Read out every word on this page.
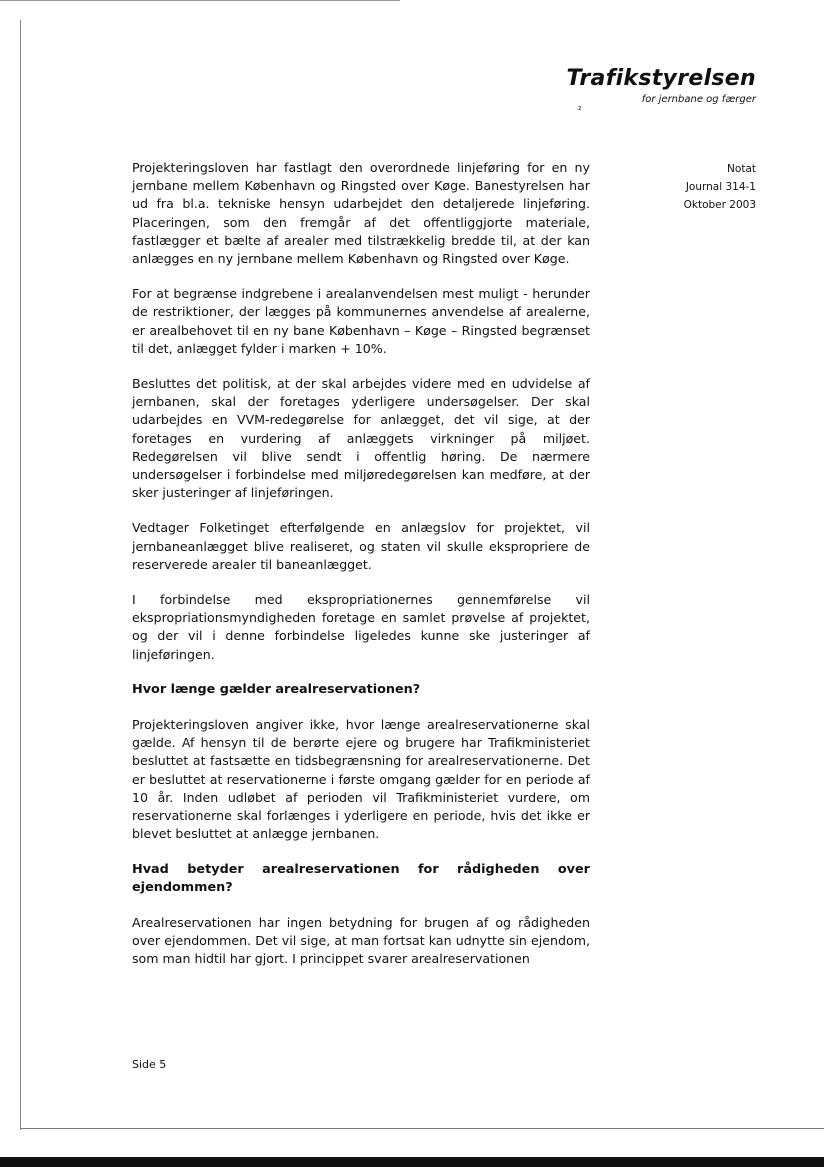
Trafikstyrelsen
for jernbane og færger
²
Notat
Journal 314-1
Oktober 2003

Projekteringsloven har fastlagt den overordnede linjeføring for en ny jernbane mellem København og Ringsted over Køge. Banestyrelsen har ud fra bl.a. tekniske hensyn udarbejdet den detaljerede linjeføring. Placeringen, som den fremgår af det offentliggjorte materiale, fastlægger et bælte af arealer med tilstrækkelig bredde til, at der kan anlægges en ny jernbane mellem København og Ringsted over Køge.

For at begrænse indgrebene i arealanvendelsen mest muligt - herunder de restriktioner, der lægges på kommunernes anvendelse af arealerne, er arealbehovet til en ny bane København – Køge – Ringsted begrænset til det, anlægget fylder i marken + 10%.

Besluttes det politisk, at der skal arbejdes videre med en udvidelse af jernbanen, skal der foretages yderligere undersøgelser. Der skal udarbejdes en VVM-redegørelse for anlægget, det vil sige, at der foretages en vurdering af anlæggets virkninger på miljøet. Redegørelsen vil blive sendt i offentlig høring. De nærmere undersøgelser i forbindelse med miljøredegørelsen kan medføre, at der sker justeringer af linjeføringen.

Vedtager Folketinget efterfølgende en anlægslov for projektet, vil jernbaneanlægget blive realiseret, og staten vil skulle ekspropriere de reserverede arealer til baneanlægget.

I forbindelse med ekspropriationernes gennemførelse vil ekspropriationsmyndigheden foretage en samlet prøvelse af projektet, og der vil i denne forbindelse ligeledes kunne ske justeringer af linjeføringen.

Hvor længe gælder arealreservationen?

Projekteringsloven angiver ikke, hvor længe arealreservationerne skal gælde. Af hensyn til de berørte ejere og brugere har Trafikministeriet besluttet at fastsætte en tidsbegrænsning for arealreservationerne. Det er besluttet at reservationerne i første omgang gælder for en periode af 10 år. Inden udløbet af perioden vil Trafikministeriet vurdere, om reservationerne skal forlænges i yderligere en periode, hvis det ikke er blevet besluttet at anlægge jernbanen.

Hvad betyder arealreservationen for rådigheden over ejendommen?

Arealreservationen har ingen betydning for brugen af og rådigheden over ejendommen. Det vil sige, at man fortsat kan udnytte sin ejendom, som man hidtil har gjort. I princippet svarer arealreservationen

Side 5
